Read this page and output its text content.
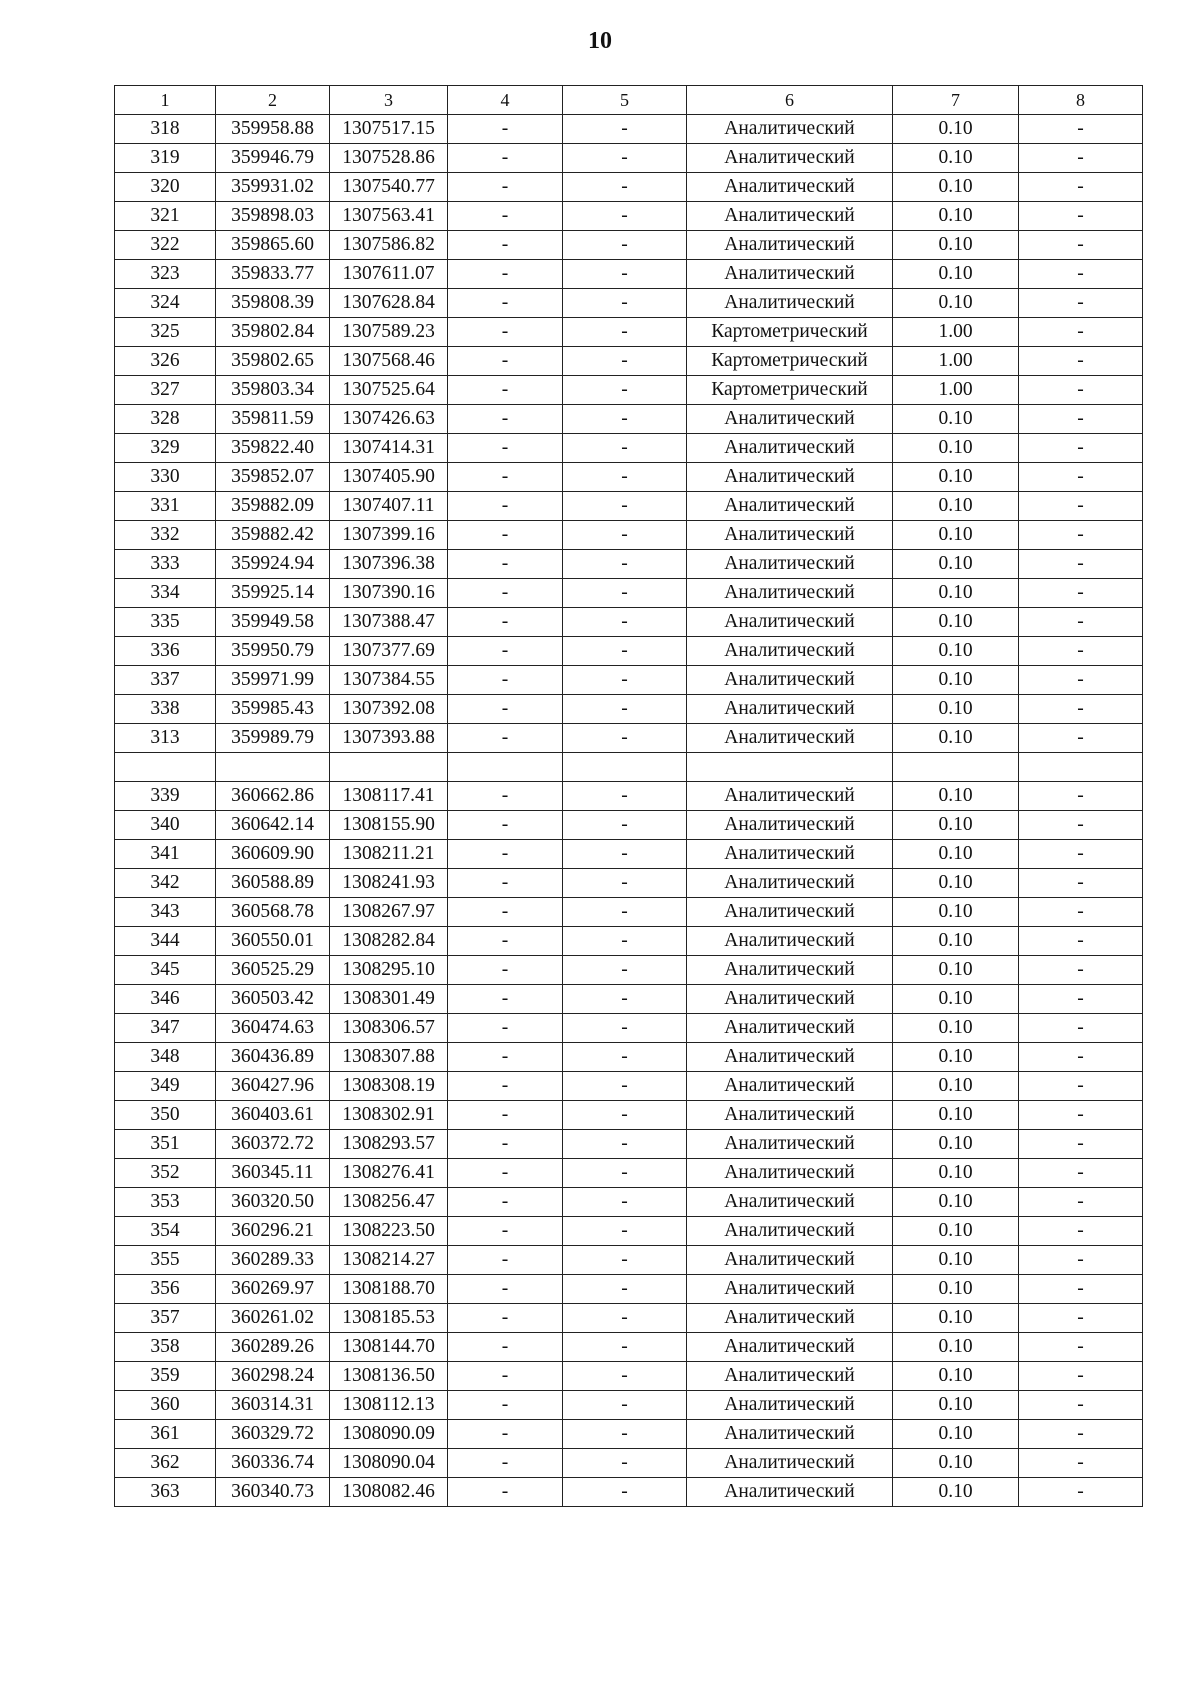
10
1	2	3	4	5	6	7	8
318	359958.88	1307517.15	-	-	Аналитический	0.10	-
319	359946.79	1307528.86	-	-	Аналитический	0.10	-
320	359931.02	1307540.77	-	-	Аналитический	0.10	-
321	359898.03	1307563.41	-	-	Аналитический	0.10	-
322	359865.60	1307586.82	-	-	Аналитический	0.10	-
323	359833.77	1307611.07	-	-	Аналитический	0.10	-
324	359808.39	1307628.84	-	-	Аналитический	0.10	-
325	359802.84	1307589.23	-	-	Картометрический	1.00	-
326	359802.65	1307568.46	-	-	Картометрический	1.00	-
327	359803.34	1307525.64	-	-	Картометрический	1.00	-
328	359811.59	1307426.63	-	-	Аналитический	0.10	-
329	359822.40	1307414.31	-	-	Аналитический	0.10	-
330	359852.07	1307405.90	-	-	Аналитический	0.10	-
331	359882.09	1307407.11	-	-	Аналитический	0.10	-
332	359882.42	1307399.16	-	-	Аналитический	0.10	-
333	359924.94	1307396.38	-	-	Аналитический	0.10	-
334	359925.14	1307390.16	-	-	Аналитический	0.10	-
335	359949.58	1307388.47	-	-	Аналитический	0.10	-
336	359950.79	1307377.69	-	-	Аналитический	0.10	-
337	359971.99	1307384.55	-	-	Аналитический	0.10	-
338	359985.43	1307392.08	-	-	Аналитический	0.10	-
313	359989.79	1307393.88	-	-	Аналитический	0.10	-

339	360662.86	1308117.41	-	-	Аналитический	0.10	-
340	360642.14	1308155.90	-	-	Аналитический	0.10	-
341	360609.90	1308211.21	-	-	Аналитический	0.10	-
342	360588.89	1308241.93	-	-	Аналитический	0.10	-
343	360568.78	1308267.97	-	-	Аналитический	0.10	-
344	360550.01	1308282.84	-	-	Аналитический	0.10	-
345	360525.29	1308295.10	-	-	Аналитический	0.10	-
346	360503.42	1308301.49	-	-	Аналитический	0.10	-
347	360474.63	1308306.57	-	-	Аналитический	0.10	-
348	360436.89	1308307.88	-	-	Аналитический	0.10	-
349	360427.96	1308308.19	-	-	Аналитический	0.10	-
350	360403.61	1308302.91	-	-	Аналитический	0.10	-
351	360372.72	1308293.57	-	-	Аналитический	0.10	-
352	360345.11	1308276.41	-	-	Аналитический	0.10	-
353	360320.50	1308256.47	-	-	Аналитический	0.10	-
354	360296.21	1308223.50	-	-	Аналитический	0.10	-
355	360289.33	1308214.27	-	-	Аналитический	0.10	-
356	360269.97	1308188.70	-	-	Аналитический	0.10	-
357	360261.02	1308185.53	-	-	Аналитический	0.10	-
358	360289.26	1308144.70	-	-	Аналитический	0.10	-
359	360298.24	1308136.50	-	-	Аналитический	0.10	-
360	360314.31	1308112.13	-	-	Аналитический	0.10	-
361	360329.72	1308090.09	-	-	Аналитический	0.10	-
362	360336.74	1308090.04	-	-	Аналитический	0.10	-
363	360340.73	1308082.46	-	-	Аналитический	0.10	-
